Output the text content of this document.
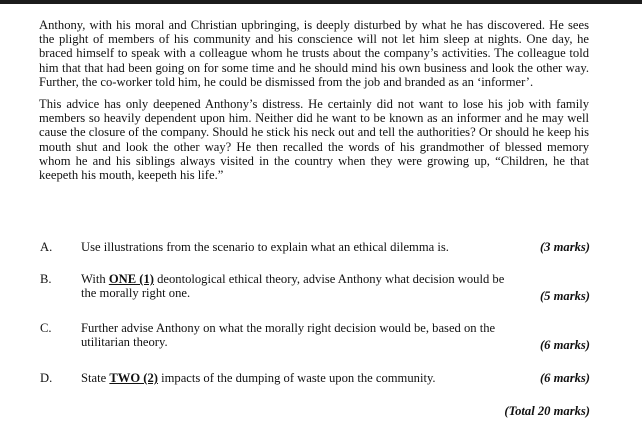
Anthony, with his moral and Christian upbringing, is deeply disturbed by what he has discovered. He sees the plight of members of his community and his conscience will not let him sleep at nights. One day, he braced himself to speak with a colleague whom he trusts about the company’s activities. The colleague told him that that had been going on for some time and he should mind his own business and look the other way. Further, the co-worker told him, he could be dismissed from the job and branded as an ‘informer’.

This advice has only deepened Anthony’s distress. He certainly did not want to lose his job with family members so heavily dependent upon him. Neither did he want to be known as an informer and he may well cause the closure of the company. Should he stick his neck out and tell the authorities? Or should he keep his mouth shut and look the other way? He then recalled the words of his grandmother of blessed memory whom he and his siblings always visited in the country when they were growing up, “Children, he that keepeth his mouth, keepeth his life.”

A. Use illustrations from the scenario to explain what an ethical dilemma is.	(3 marks)
B. With ONE (1) deontological ethical theory, advise Anthony what decision would be the morally right one.	(5 marks)
C. Further advise Anthony on what the morally right decision would be, based on the utilitarian theory.	(6 marks)
D. State TWO (2) impacts of the dumping of waste upon the community.	(6 marks)
(Total 20 marks)
